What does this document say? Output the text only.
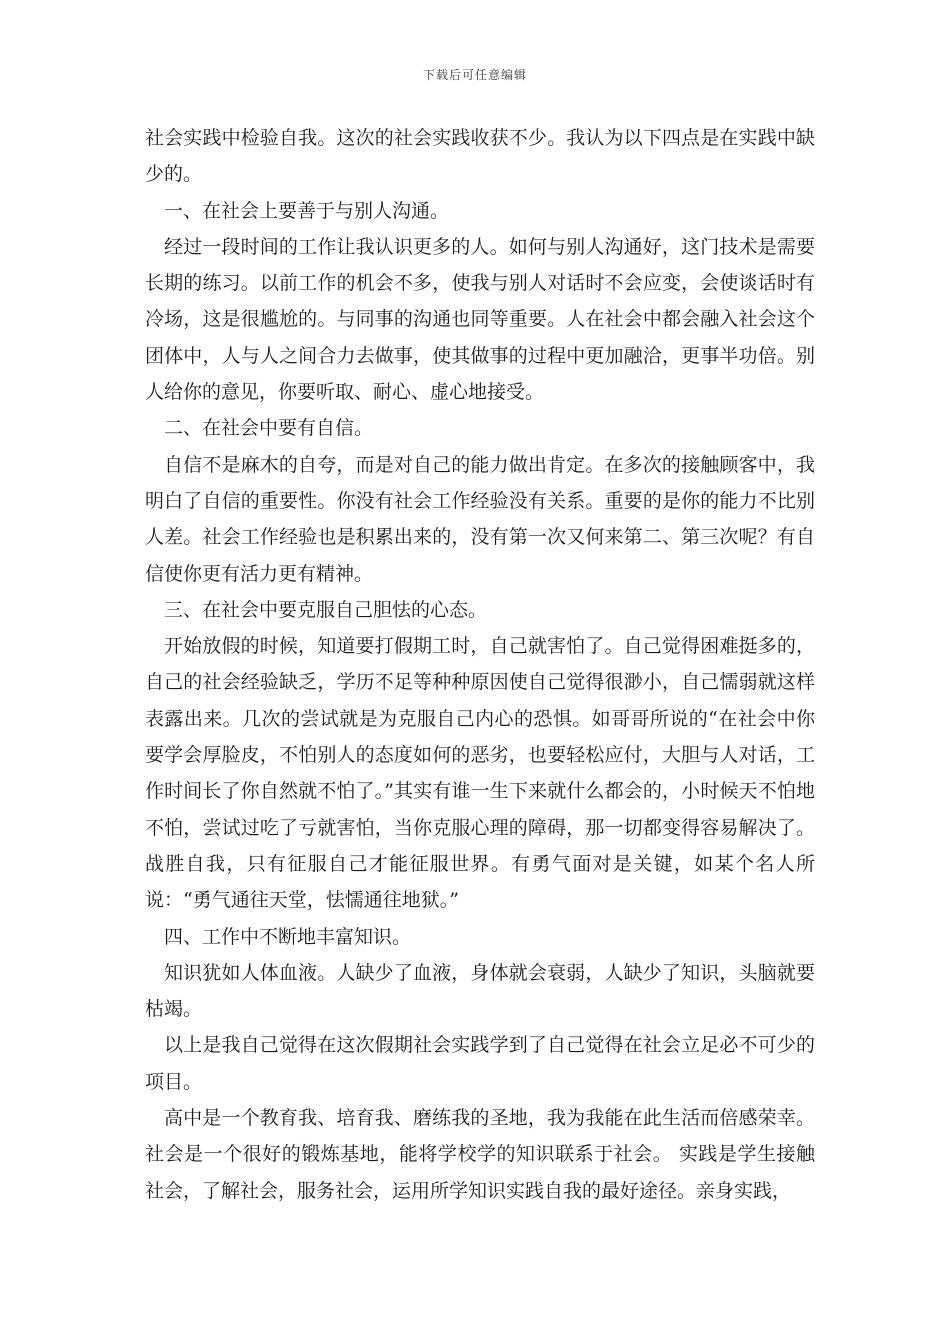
下载后可任意编辑

社会实践中检验自我。这次的社会实践收获不少。我认为以下四点是在实践中缺少的。

一、在社会上要善于与别人沟通。

经过一段时间的工作让我认识更多的人。如何与别人沟通好，这门技术是需要长期的练习。以前工作的机会不多，使我与别人对话时不会应变，会使谈话时有冷场，这是很尴尬的。与同事的沟通也同等重要。人在社会中都会融入社会这个团体中，人与人之间合力去做事，使其做事的过程中更加融洽，更事半功倍。别人给你的意见，你要听取、耐心、虚心地接受。

二、在社会中要有自信。

自信不是麻木的自夸，而是对自己的能力做出肯定。在多次的接触顾客中，我明白了自信的重要性。你没有社会工作经验没有关系。重要的是你的能力不比别人差。社会工作经验也是积累出来的，没有第一次又何来第二、第三次呢？有自信使你更有活力更有精神。

三、在社会中要克服自己胆怯的心态。

开始放假的时候，知道要打假期工时，自己就害怕了。自己觉得困难挺多的，自己的社会经验缺乏，学历不足等种种原因使自己觉得很渺小，自己懦弱就这样表露出来。几次的尝试就是为克服自己内心的恐惧。如哥哥所说的“在社会中你要学会厚脸皮，不怕别人的态度如何的恶劣，也要轻松应付，大胆与人对话，工作时间长了你自然就不怕了。”其实有谁一生下来就什么都会的，小时候天不怕地不怕，尝试过吃了亏就害怕，当你克服心理的障碍，那一切都变得容易解决了。战胜自我，只有征服自己才能征服世界。有勇气面对是关键，如某个名人所说：“勇气通往天堂，怯懦通往地狱。”

四、工作中不断地丰富知识。

知识犹如人体血液。人缺少了血液，身体就会衰弱，人缺少了知识，头脑就要枯竭。

以上是我自己觉得在这次假期社会实践学到了自己觉得在社会立足必不可少的项目。

高中是一个教育我、培育我、磨练我的圣地，我为我能在此生活而倍感荣幸。社会是一个很好的锻炼基地，能将学校学的知识联系于社会。 实践是学生接触社会，了解社会，服务社会，运用所学知识实践自我的最好途径。亲身实践，
